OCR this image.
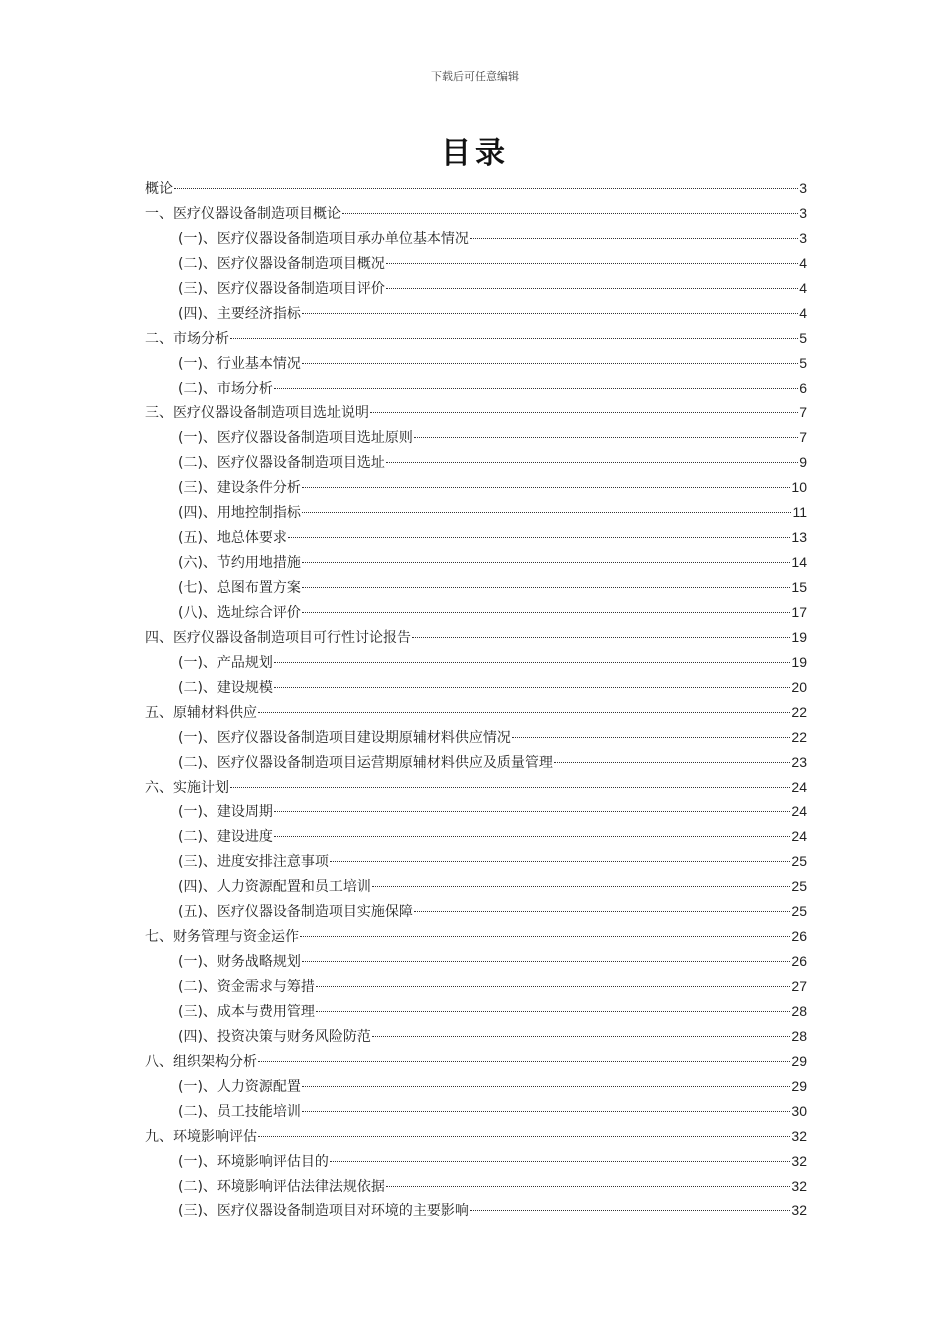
下载后可任意编辑
目录
概论	3
一、医疗仪器设备制造项目概论	3
(一)、医疗仪器设备制造项目承办单位基本情况	3
(二)、医疗仪器设备制造项目概况	4
(三)、医疗仪器设备制造项目评价	4
(四)、主要经济指标	4
二、市场分析	5
(一)、行业基本情况	5
(二)、市场分析	6
三、医疗仪器设备制造项目选址说明	7
(一)、医疗仪器设备制造项目选址原则	7
(二)、医疗仪器设备制造项目选址	9
(三)、建设条件分析	10
(四)、用地控制指标	11
(五)、地总体要求	13
(六)、节约用地措施	14
(七)、总图布置方案	15
(八)、选址综合评价	17
四、医疗仪器设备制造项目可行性讨论报告	19
(一)、产品规划	19
(二)、建设规模	20
五、原辅材料供应	22
(一)、医疗仪器设备制造项目建设期原辅材料供应情况	22
(二)、医疗仪器设备制造项目运营期原辅材料供应及质量管理	23
六、实施计划	24
(一)、建设周期	24
(二)、建设进度	24
(三)、进度安排注意事项	25
(四)、人力资源配置和员工培训	25
(五)、医疗仪器设备制造项目实施保障	25
七、财务管理与资金运作	26
(一)、财务战略规划	26
(二)、资金需求与筹措	27
(三)、成本与费用管理	28
(四)、投资决策与财务风险防范	28
八、组织架构分析	29
(一)、人力资源配置	29
(二)、员工技能培训	30
九、环境影响评估	32
(一)、环境影响评估目的	32
(二)、环境影响评估法律法规依据	32
(三)、医疗仪器设备制造项目对环境的主要影响	32
